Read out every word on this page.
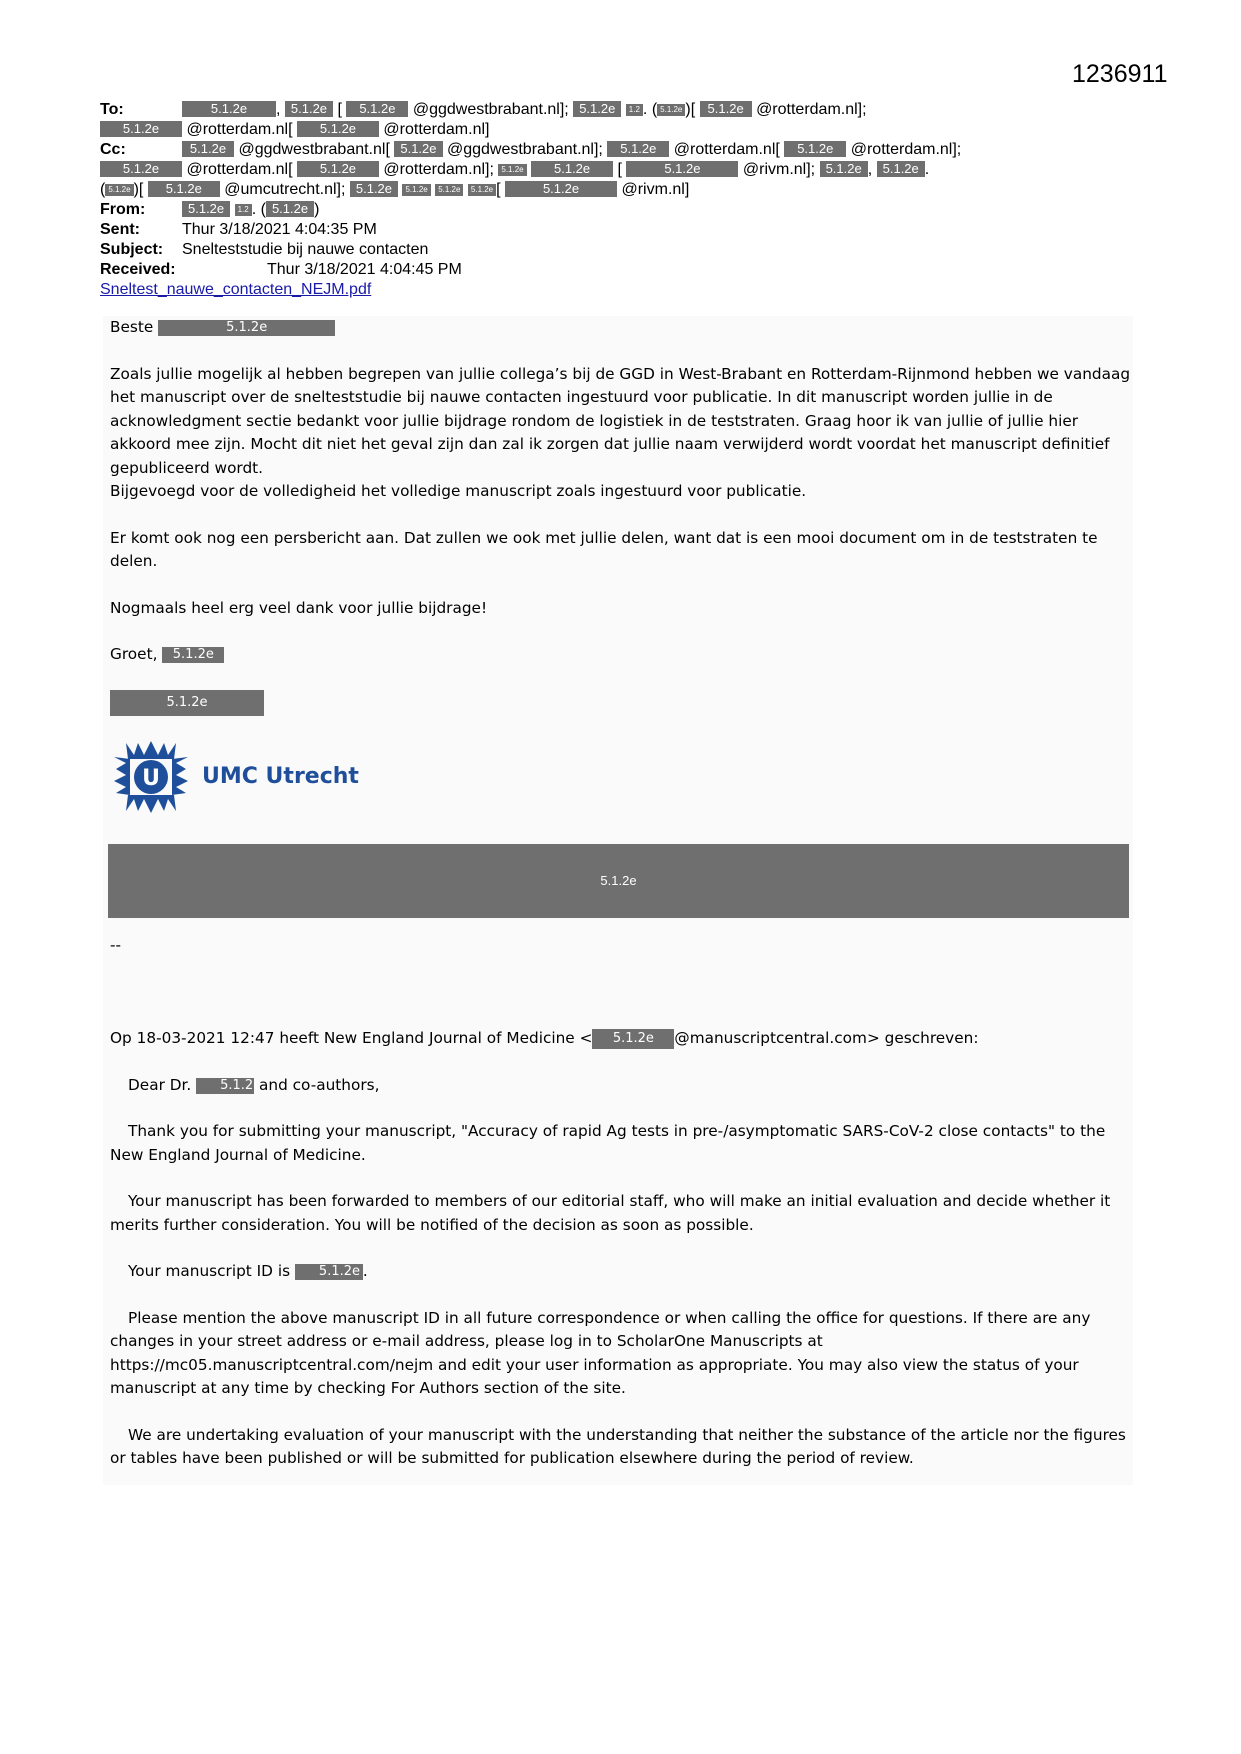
1236911
To:	5.1.2e , 5.1.2e [ 5.1.2e @ggdwestbrabant.nl]; 5.1.2e 1.2 . ( 5.1.2e )[ 5.1.2e @rotterdam.nl];
5.1.2e @rotterdam.nl[ 5.1.2e @rotterdam.nl]
Cc:	5.1.2e @ggdwestbrabant.nl[ 5.1.2e @ggdwestbrabant.nl]; 5.1.2e @rotterdam.nl[ 5.1.2e @rotterdam.nl];
5.1.2e @rotterdam.nl[ 5.1.2e @rotterdam.nl]; 5.1.2e 5.1.2e [	5.1.2e	@rivm.nl]; 5.1.2e , 5.1.2e .
( 5.1.2e )[ 5.1.2e @umcutrecht.nl]; 5.1.2e 5.1.2e 5.1.2e 5.1.2e [	5.1.2e	@rivm.nl]
From:	5.1.2e 1.2 . ( 5.1.2e )
Sent:	Thur 3/18/2021 4:04:35 PM
Subject: Snelteststudie bij nauwe contacten
Received:	Thur 3/18/2021 4:04:45 PM
Sneltest_nauwe_contacten_NEJM.pdf

Beste	5.1.2e

Zoals jullie mogelijk al hebben begrepen van jullie collega’s bij de GGD in West-Brabant en Rotterdam-Rijnmond hebben we vandaag het manuscript over de snelteststudie bij nauwe contacten ingestuurd voor publicatie. In dit manuscript worden jullie in de acknowledgment sectie bedankt voor jullie bijdrage rondom de logistiek in de teststraten. Graag hoor ik van jullie of jullie hier akkoord mee zijn. Mocht dit niet het geval zijn dan zal ik zorgen dat jullie naam verwijderd wordt voordat het manuscript definitief gepubliceerd wordt.

Bijgevoegd voor de volledigheid het volledige manuscript zoals ingestuurd voor publicatie.

Er komt ook nog een persbericht aan. Dat zullen we ook met jullie delen, want dat is een mooi document om in de teststraten te delen.

Nogmaals heel erg veel dank voor jullie bijdrage!

Groet, 5.1.2e

5.1.2e

U UMC Utrecht
5.1.2e

--

Op 18-03-2021 12:47 heeft New England Journal of Medicine < 5.1.2e @manuscriptcentral.com> geschreven:

Dear Dr. 5.1.2e and co-authors,

Thank you for submitting your manuscript, "Accuracy of rapid Ag tests in pre-/asymptomatic SARS-CoV-2 close contacts" to the New England Journal of Medicine.

Your manuscript has been forwarded to members of our editorial staff, who will make an initial evaluation and decide whether it merits further consideration. You will be notified of the decision as soon as possible.

Your manuscript ID is 5.1.2e .

Please mention the above manuscript ID in all future correspondence or when calling the office for questions. If there are any changes in your street address or e-mail address, please log in to ScholarOne Manuscripts at https://mc05.manuscriptcentral.com/nejm and edit your user information as appropriate. You may also view the status of your manuscript at any time by checking For Authors section of the site.

We are undertaking evaluation of your manuscript with the understanding that neither the substance of the article nor the figures or tables have been published or will be submitted for publication elsewhere during the period of review.
